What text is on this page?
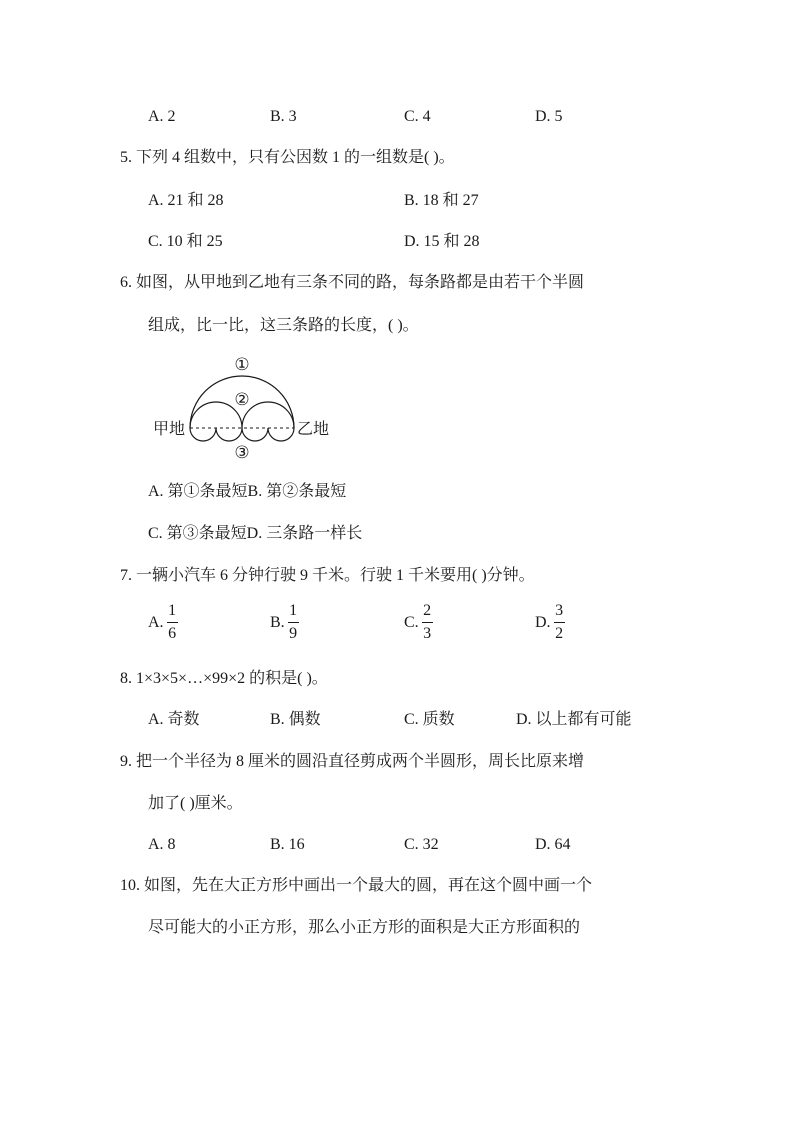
A. 2	B. 3	C. 4	D. 5
5. 下列 4 组数中，只有公因数 1 的一组数是( )。
A. 21 和 28	B. 18 和 27
C. 10 和 25	D. 15 和 28
6. 如图，从甲地到乙地有三条不同的路，每条路都是由若干个半圆
组成，比一比，这三条路的长度，( )。
①
②
③
甲地	乙地
A. 第①条最短B. 第②条最短
C. 第③条最短D. 三条路一样长
7. 一辆小汽车 6 分钟行驶 9 千米。行驶 1 千米要用( )分钟。
A. $\frac{1}{6}$	B. $\frac{1}{9}$	C. $\frac{2}{3}$	D. $\frac{3}{2}$
8. 1×3×5×…×99×2 的积是( )。
A. 奇数	B. 偶数	C. 质数	D. 以上都有可能
9. 把一个半径为 8 厘米的圆沿直径剪成两个半圆形，周长比原来增
加了( )厘米。
A. 8	B. 16	C. 32	D. 64
10. 如图，先在大正方形中画出一个最大的圆，再在这个圆中画一个
尽可能大的小正方形，那么小正方形的面积是大正方形面积的
